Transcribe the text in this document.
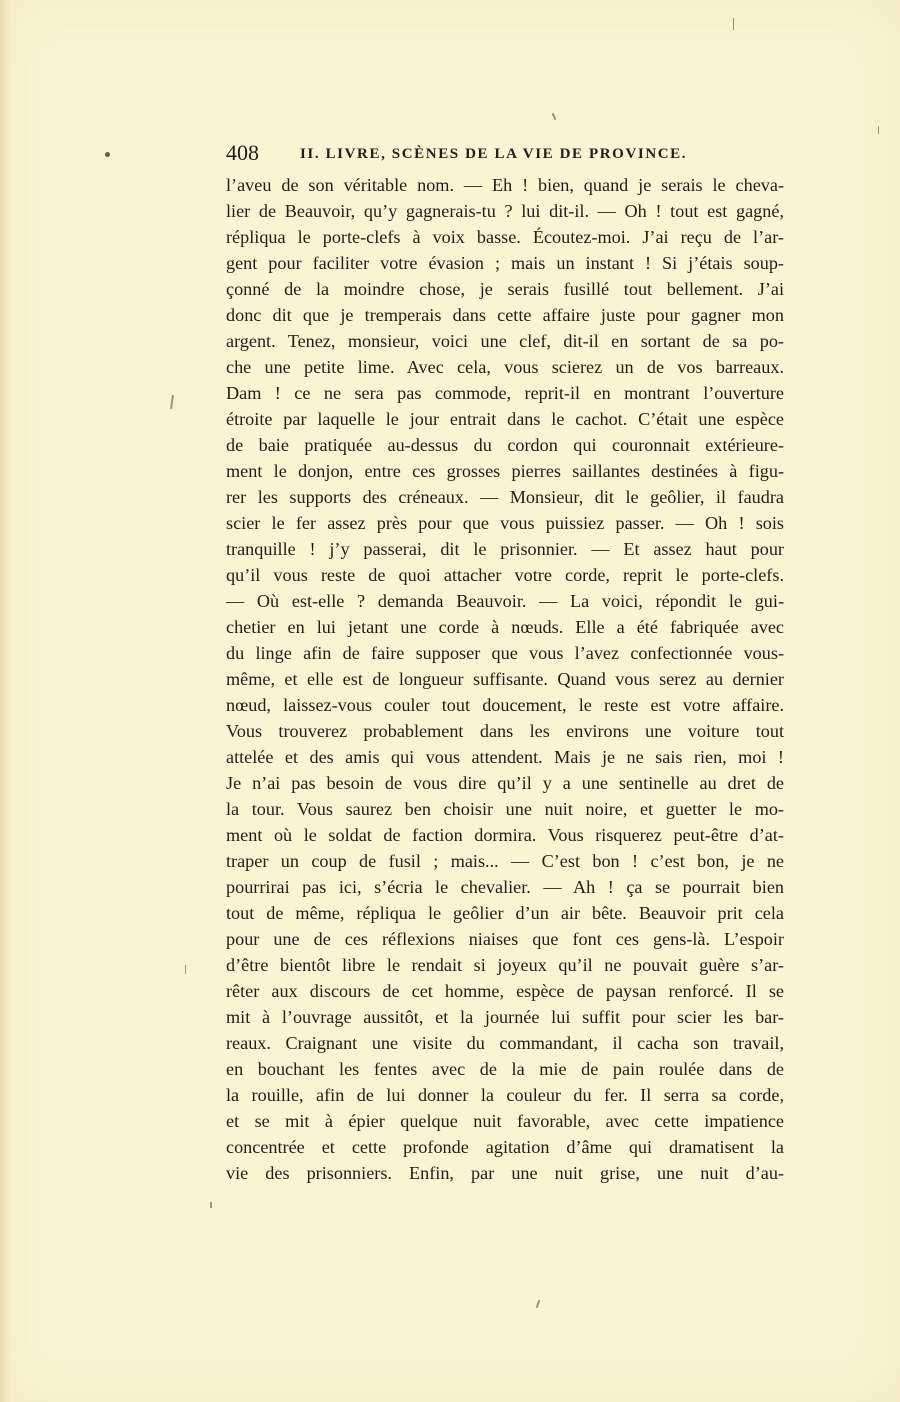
408	II. LIVRE, SCÈNES DE LA VIE DE PROVINCE.
l’aveu de son véritable nom. — Eh ! bien, quand je serais le cheva-
lier de Beauvoir, qu’y gagnerais-tu ? lui dit-il. — Oh ! tout est gagné,
répliqua le porte-clefs à voix basse. Écoutez-moi. J’ai reçu de l’ar-
gent pour faciliter votre évasion ; mais un instant ! Si j’étais soup-
çonné de la moindre chose, je serais fusillé tout bellement. J’ai
donc dit que je tremperais dans cette affaire juste pour gagner mon
argent. Tenez, monsieur, voici une clef, dit-il en sortant de sa po-
che une petite lime. Avec cela, vous scierez un de vos barreaux.
Dam ! ce ne sera pas commode, reprit-il en montrant l’ouverture
étroite par laquelle le jour entrait dans le cachot. C’était une espèce
de baie pratiquée au-dessus du cordon qui couronnait extérieure-
ment le donjon, entre ces grosses pierres saillantes destinées à figu-
rer les supports des créneaux. — Monsieur, dit le geôlier, il faudra
scier le fer assez près pour que vous puissiez passer. — Oh ! sois
tranquille ! j’y passerai, dit le prisonnier. — Et assez haut pour
qu’il vous reste de quoi attacher votre corde, reprit le porte-clefs.
— Où est-elle ? demanda Beauvoir. — La voici, répondit le gui-
chetier en lui jetant une corde à nœuds. Elle a été fabriquée avec
du linge afin de faire supposer que vous l’avez confectionnée vous-
même, et elle est de longueur suffisante. Quand vous serez au dernier
nœud, laissez-vous couler tout doucement, le reste est votre affaire.
Vous trouverez probablement dans les environs une voiture tout
attelée et des amis qui vous attendent. Mais je ne sais rien, moi !
Je n’ai pas besoin de vous dire qu’il y a une sentinelle au dret de
la tour. Vous saurez ben choisir une nuit noire, et guetter le mo-
ment où le soldat de faction dormira. Vous risquerez peut-être d’at-
traper un coup de fusil ; mais... — C’est bon ! c’est bon, je ne
pourrirai pas ici, s’écria le chevalier. — Ah ! ça se pourrait bien
tout de même, répliqua le geôlier d’un air bête. Beauvoir prit cela
pour une de ces réflexions niaises que font ces gens-là. L’espoir
d’être bientôt libre le rendait si joyeux qu’il ne pouvait guère s’ar-
rêter aux discours de cet homme, espèce de paysan renforcé. Il se
mit à l’ouvrage aussitôt, et la journée lui suffit pour scier les bar-
reaux. Craignant une visite du commandant, il cacha son travail,
en bouchant les fentes avec de la mie de pain roulée dans de
la rouille, afin de lui donner la couleur du fer. Il serra sa corde,
et se mit à épier quelque nuit favorable, avec cette impatience
concentrée et cette profonde agitation d’âme qui dramatisent la
vie des prisonniers. Enfin, par une nuit grise, une nuit d’au-
